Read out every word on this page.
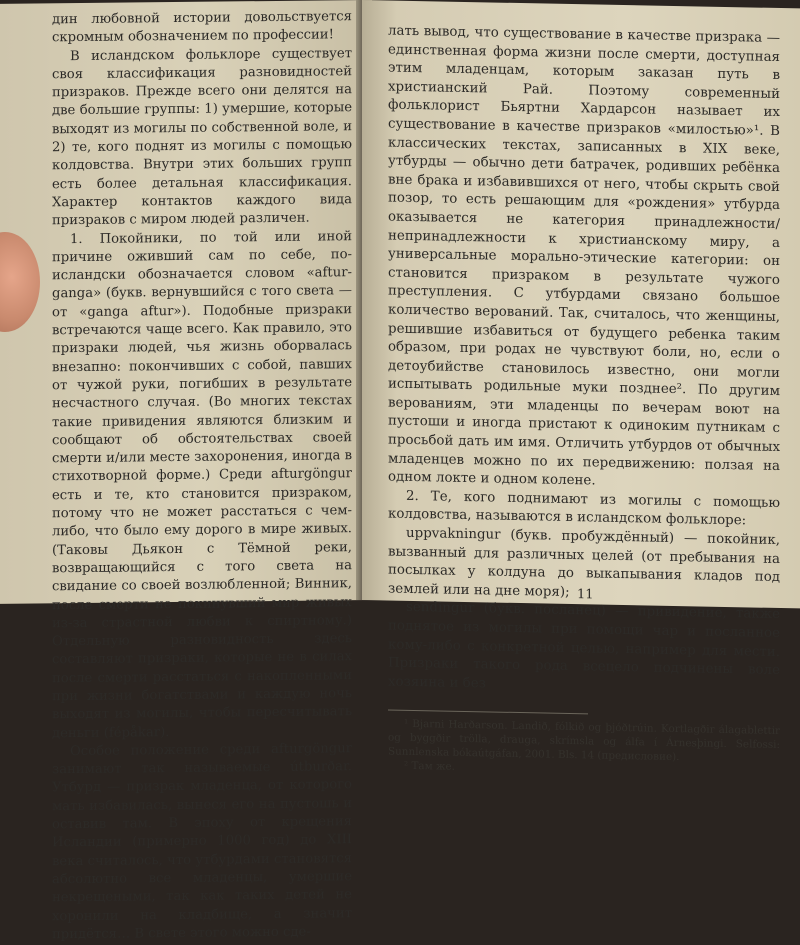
дин любовной истории довольствуется скромным обозначением по профессии!

В исландском фольклоре существует своя классификация разновидностей призраков. Прежде всего они делятся на две большие группы: 1) умершие, которые выходят из могилы по собственной воле, и 2) те, кого поднят из могилы с помощью колдовства. Внутри этих больших групп есть более детальная классификация. Характер контактов каждого вида призраков с миром людей различен.

1. Покойники, по той или иной причине оживший сам по себе, по-исландски обозначается словом «afturganga» (букв. вернувшийся с того света — от «ganga aftur»). Подобные призраки встречаются чаще всего. Как правило, это призраки людей, чья жизнь оборвалась внезапно: покончивших с собой, павших от чужой руки, погибших в результате несчастного случая. (Во многих текстах такие привидения являются близким и сообщают об обстоятельствах своей смерти и/или месте захоронения, иногда в стихотворной форме.) Среди afturgöngur есть и те, кто становится призраком, потому что не может расстаться с чем-либо, что было ему дорого в мире живых. (Таковы Дьякон с Тёмной реки, возвращающийся с того света на свидание со своей возлюбленной; Винник, после смерти не покинувший мир живых из-за страстной любви к спиртному.) Отдельную разновидность здесь составляют призраки, которые не в силах после смерти расстаться с накопленными при жизни богатствами и каждую ночь выходят из могилы, чтобы пересчитывать деньги (fépåkar).

Особое положение среди afturgöngur занимают так называемые útburðar. Утбурд — призрак младенца, от которого мать избавилась, вынеся его на пустошь и оставив там. В эпоху от крещения Исландии (примерно 1000 год) до XIII века считалось, что утбурдами становятся абсолютно все младенцы, умершие некрещеными, так как таких детей не хоронили на кладбище, а значит придётся… В свете этого можно сде-

лать вывод, что существование в качестве призрака — единственная форма жизни после смерти, доступная этим младенцам, которым заказан путь в христианский Рай. Поэтому современный фольклорист Бьяртни Хардарсон называет их существование в качестве призраков «милостью»¹. В классических текстах, записанных в XIX веке, утбурды — обычно дети батрачек, родивших ребёнка вне брака и избавившихся от него, чтобы скрыть свой позор, то есть решающим для «рождения» утбурда оказывается не категория принадлежности/непринадлежности к христианскому миру, а универсальные морально-этические категории: он становится призраком в результате чужого преступления. С утбурдами связано большое количество верований. Так, считалось, что женщины, решившие избавиться от будущего ребенка таким образом, при родах не чувствуют боли, но, если о детоубийстве становилось известно, они могли испытывать родильные муки позднее². По другим верованиям, эти младенцы по вечерам воют на пустоши и иногда пристают к одиноким путникам с просьбой дать им имя. Отличить утбурдов от обычных младенцев можно по их передвижению: ползая на одном локте и одном колене.

2. Те, кого поднимают из могилы с помощью колдовства, называются в исландском фольклоре:

uppvakningur (букв. пробуждённый) — покойник, вызванный для различных целей (от пребывания на посылках у колдуна до выкапывания кладов под землей или на дне моря);

sendingur (букв. посланец) — привидение, также поднятое из могилы при помощи чар и посланное кому-либо с конкретной целью, например для мести. Призраки такого рода всецело подчинены воле хозяина и без

¹ Bjarni Harðarson. Landið, fólkið og þjóðtrúin. Kortlagðir álagablettir og byggðir tröllа, drauga, skrímsla og álfa í Árnesþingi. Selfossi: Sunnlenska bókaútgáfan, 2001. Bls. 14 (предисловие).

² Там же.

11
